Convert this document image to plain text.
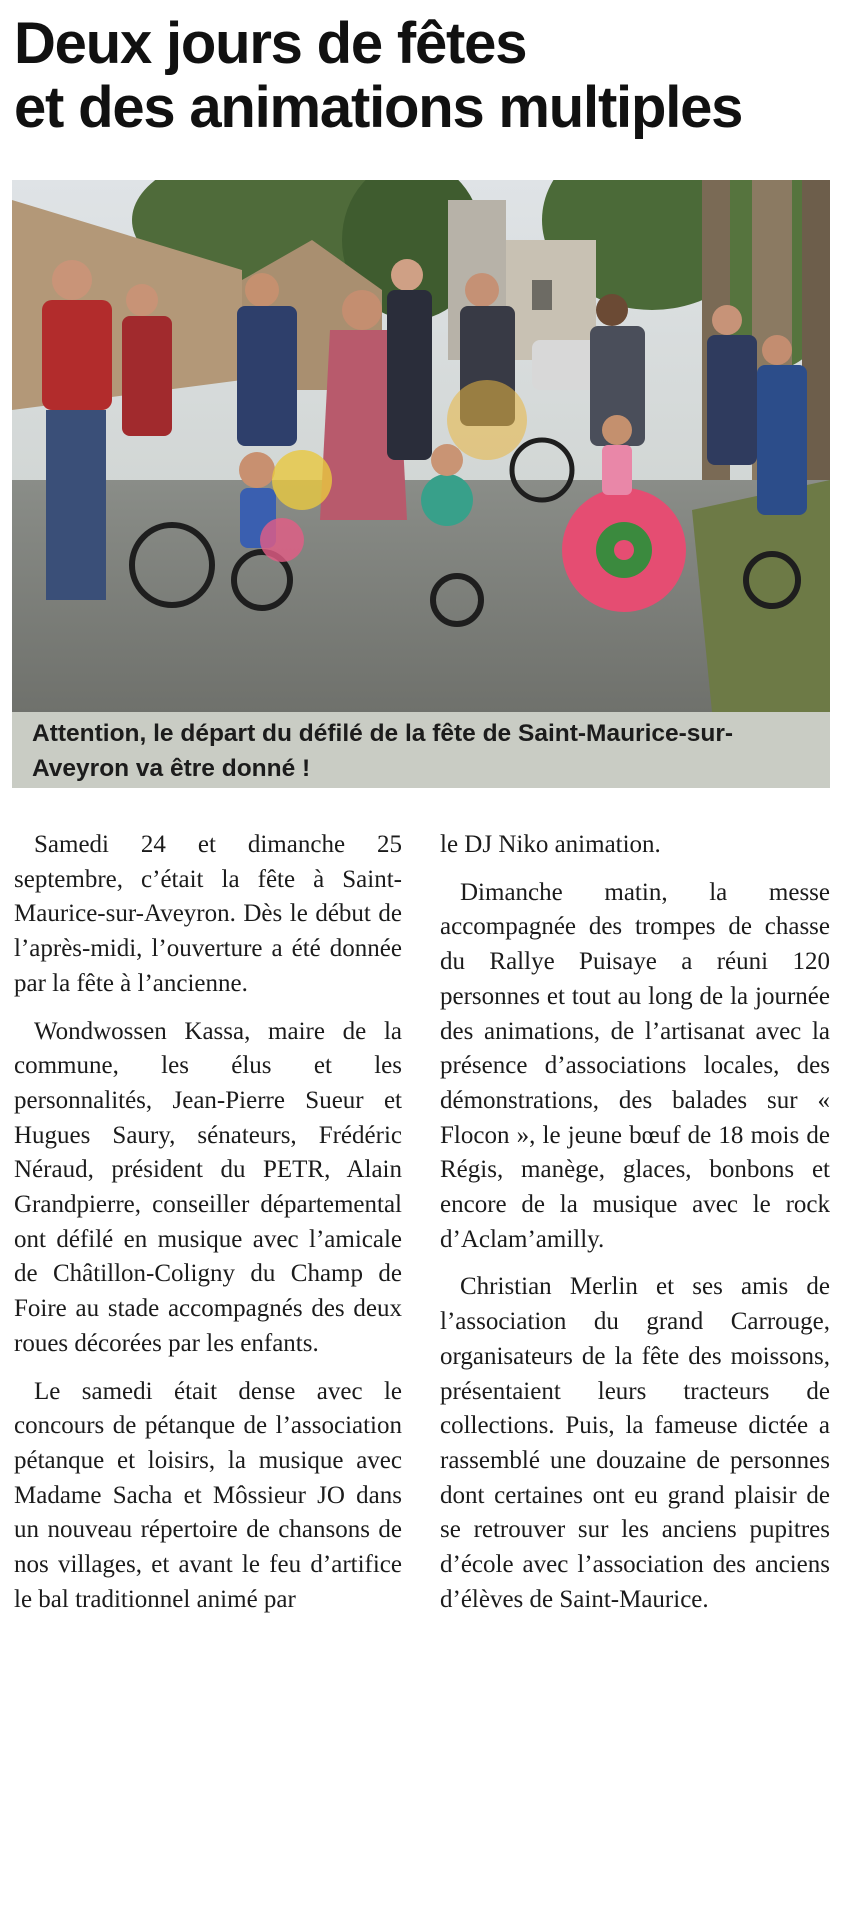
Deux jours de fêtes
et des animations multiples
Attention, le départ du défilé de la fête de Saint-Maurice-sur-Aveyron va être donné !

Samedi 24 et dimanche 25 septembre, c’était la fête à Saint-Maurice-sur-Aveyron. Dès le début de l’après-midi, l’ouverture a été donnée par la fête à l’ancienne.

Wondwossen Kassa, maire de la commune, les élus et les personnalités, Jean-Pierre Sueur et Hugues Saury, sénateurs, Frédéric Néraud, président du PETR, Alain Grandpierre, conseiller départemental ont défilé en musique avec l’amicale de Châtillon-Coligny du Champ de Foire au stade accompagnés des deux roues décorées par les enfants.

Le samedi était dense avec le concours de pétanque de l’association pétanque et loisirs, la musique avec Madame Sacha et Môssieur JO dans un nouveau répertoire de chansons de nos villages, et avant le feu d’artifice le bal traditionnel animé par

le DJ Niko animation.

Dimanche matin, la messe accompagnée des trompes de chasse du Rallye Puisaye a réuni 120 personnes et tout au long de la journée des animations, de l’artisanat avec la présence d’associations locales, des démonstrations, des balades sur « Flocon », le jeune bœuf de 18 mois de Régis, manège, glaces, bonbons et encore de la musique avec le rock d’Aclam’amilly.

Christian Merlin et ses amis de l’association du grand Carrouge, organisateurs de la fête des moissons, présentaient leurs tracteurs de collections. Puis, la fameuse dictée a rassemblé une douzaine de personnes dont certaines ont eu grand plaisir de se retrouver sur les anciens pupitres d’école avec l’association des anciens d’élèves de Saint-Maurice.
